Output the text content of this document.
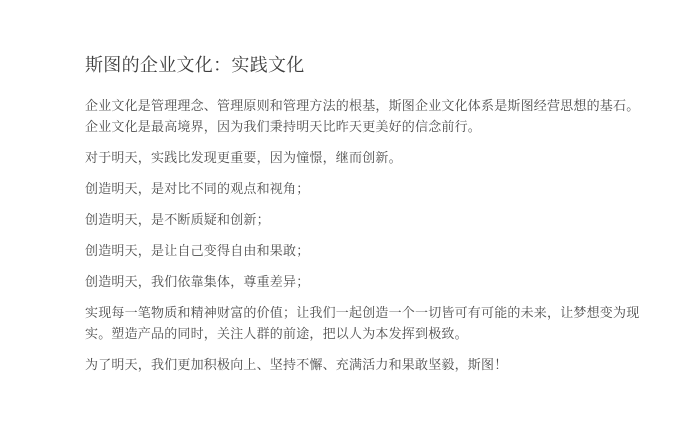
斯图的企业文化：实践文化

企业文化是管理理念、管理原则和管理方法的根基，斯图企业文化体系是斯图经营思想的基石。企业文化是最高境界，因为我们秉持明天比昨天更美好的信念前行。

对于明天，实践比发现更重要，因为憧憬，继而创新。

创造明天，是对比不同的观点和视角；

创造明天，是不断质疑和创新；

创造明天，是让自己变得自由和果敢；

创造明天，我们依靠集体，尊重差异；

实现每一笔物质和精神财富的价值；让我们一起创造一个一切皆可有可能的未来，让梦想变为现实。塑造产品的同时，关注人群的前途，把以人为本发挥到极致。

为了明天，我们更加积极向上、坚持不懈、充满活力和果敢坚毅，斯图！
